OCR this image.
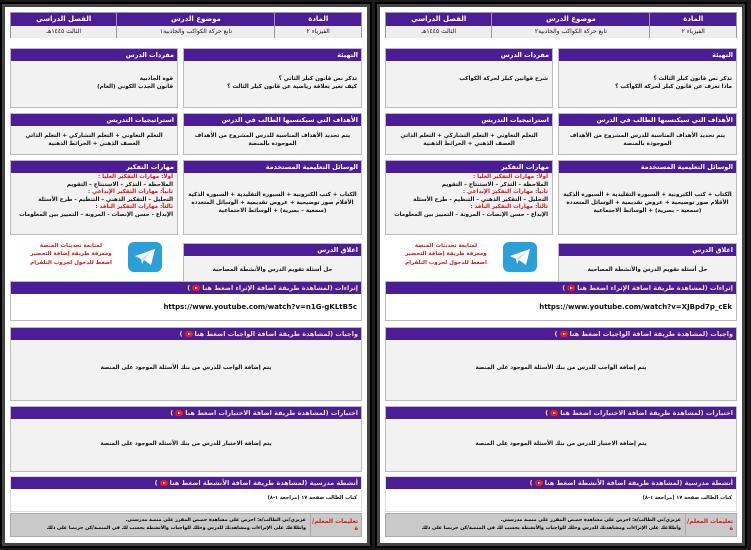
المادة
الفيزياء ٢
موضوع الدرس
تابع حركة الكواكب والجاذبية١
الفصل الدراسي
الثالث ١٤٤٥هـ
التهيئة
تذكر نص قانون كبلر الثاني ؟
كيف تعبر بعلاقة رياضية عن قانون كبلر الثالث ؟
مفردات الدرس
قوة الجاذبية
قانون الجذب الكوني (العام)
الأهداف التي سيكتسبها الطالب في الدرس
يتم تحديد الأهداف المناسبة للدرس المشروح من الأهداف الموجودة بالمنصة
استراتيجيات التدريس
التعلم التعاوني + التعلم التشاركي + التعلم الذاتي العصف الذهني + الخرائط الذهنية
الوسائل التعليمية المستخدمة
الكتاب + كتب الكترونية + السبورة التقليدية + السبورة الذكية الأقلام صور توضيحية + عروض تقديمية + الوسائل المتعددة (سمعية – بصرية) + الوسائط الاجتماعية
مهارات التفكير
أولاً: مهارات التفكير العليا :
الملاحظة – التذكر – الاستنتاج – التقويم
ثانياً: مهارات التفكير الإبداعي :
التحليل – التفكير الذهني – التنظيم - طرح الأسئلة
ثالثاً: مهارات التفكير الناقد :
الإبداع - حسن الإنصات - المرونة – التمييز بين المعلومات
لمتابعة تحديثات المنصة
ومعرفة طريقة إضافة التحضير
اضغط للدخول لجروب التلقرام
اغلاق الدرس
حل أسئلة تقويم الدرس والأنشطة المصاحبة
إثراءات (لمشاهدة طريقة اضافة الإثراء اضغط هنا)
https://www.youtube.com/watch?v=n1G-gKLtB5c
واجبات (لمشاهدة طريقة اضافة الواجبات اضغط هنا)
يتم إضافة الواجب للدرس من بنك الأسئلة الموجود على المنصة
اختبارات (لمشاهدة طريقة اضافة الاختبارات اضغط هنا)
يتم إضافة الاختبار للدرس من بنك الأسئلة الموجود على المنصة
أنشطة مدرسية (لمشاهدة طريقة اضافة الأنشطة اضغط هنا)
كتاب الطالب صفحة ١٧ (مراجعة ١-٨)
تعليمات المعلم/ة
عزيزي/تي الطالب/ة: احرص على مشاهدة حصص المقرر على منصة مدرستي.
واطلاعك على الإثراءات ومشاهدتك للدرس وحلك للواجبات والأنشطة يحسب لك في المنصة/كن حريصا على ذلك
المادة
الفيزياء ٢
موضوع الدرس
تابع حركة الكواكب والجاذبية٢
الفصل الدراسي
الثالث ١٤٤٥هـ
التهيئة
تذكر نص قانون كبلر الثالث ؟
ماذا تعرف عن قانون كبلر لحركة الكواكب ؟
مفردات الدرس
شرح قوانين كبلر لحركة الكواكب
الأهداف التي سيكتسبها الطالب في الدرس
يتم تحديد الأهداف المناسبة للدرس المشروح من الأهداف الموجودة بالمنصة
استراتيجيات التدريس
التعلم التعاوني + التعلم التشاركي + التعلم الذاتي العصف الذهني + الخرائط الذهنية
الوسائل التعليمية المستخدمة
الكتاب + كتب الكترونية + السبورة التقليدية + السبورة الذكية الأقلام صور توضيحية + عروض تقديمية + الوسائل المتعددة (سمعية – بصرية) + الوسائط الاجتماعية
مهارات التفكير
أولاً: مهارات التفكير العليا :
الملاحظة – التذكر – الاستنتاج – التقويم
ثانياً: مهارات التفكير الإبداعي :
التحليل – التفكير الذهني – التنظيم - طرح الأسئلة
ثالثاً: مهارات التفكير الناقد :
الإبداع - حسن الإنصات - المرونة – التمييز بين المعلومات
لمتابعة تحديثات المنصة
ومعرفة طريقة إضافة التحضير
اضغط للدخول لجروب التلقرام
اغلاق الدرس
حل أسئلة تقويم الدرس والأنشطة المصاحبة
إثراءات (لمشاهدة طريقة اضافة الإثراء اضغط هنا)
https://www.youtube.com/watch?v=XJBpd7p_cEk
واجبات (لمشاهدة طريقة اضافة الواجبات اضغط هنا)
يتم إضافة الواجب للدرس من بنك الأسئلة الموجود على المنصة
اختبارات (لمشاهدة طريقة اضافة الاختبارات اضغط هنا)
يتم إضافة الاختبار للدرس من بنك الأسئلة الموجود على المنصة
أنشطة مدرسية (لمشاهدة طريقة اضافة الأنشطة اضغط هنا)
كتاب الطالب صفحة ١٧ (مراجعة ١-٨)
تعليمات المعلم/ة
عزيزي/تي الطالب/ة: احرص على مشاهدة حصص المقرر على منصة مدرستي.
واطلاعك على الإثراءات ومشاهدتك للدرس وحلك للواجبات والأنشطة يحسب لك في المنصة/كن حريصا على ذلك
